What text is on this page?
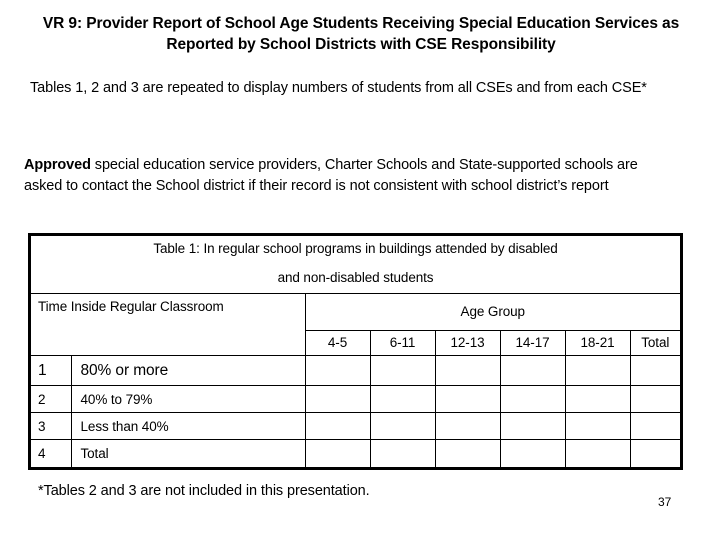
VR 9: Provider Report of School Age Students Receiving Special Education Services as Reported by School Districts with CSE Responsibility
Tables 1, 2 and 3 are repeated to display numbers of students from all CSEs and from each CSE*
Approved special education service providers, Charter Schools and State-supported schools are asked to contact the School district if their record is not consistent with school district’s report
Table 1: In regular school programs in buildings attended by disabled
and non-disabled students							

Time Inside Regular Classroom		Age Group					
		4-5	6-11	12-13	14-17	18-21	Total
1	80% or more						
2	40% to 79%						
3	Less than 40%						
4	Total						
*Tables 2 and 3 are not included in this presentation.
37
